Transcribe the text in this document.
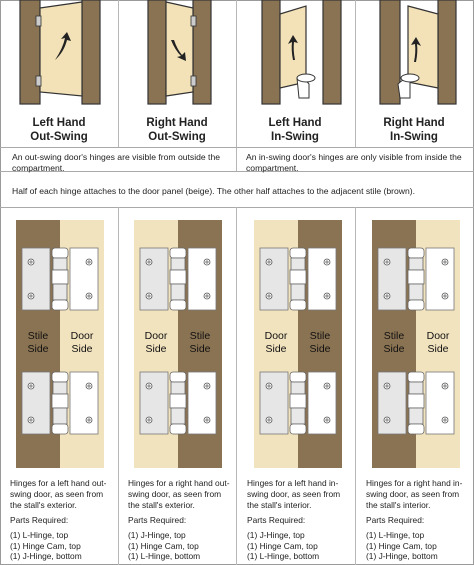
Left Hand
Out-Swing
Right Hand
Out-Swing
Left Hand
In-Swing
Right Hand
In-Swing
An out-swing door's hinges are visible from outside the compartment.
An in-swing door's hinges are only visible from inside the compartment.
Half of each hinge attaches to the door panel (beige). The other half attaches to the adjacent stile (brown).
Stile
Side
Door
Side
Door
Side
Stile
Side
Door
Side
Stile
Side
Stile
Side
Door
Side
Hinges for a left hand out-swing door, as seen from the stall's exterior.
Hinges for a right hand out-swing door, as seen from the stall's exterior.
Hinges for a left hand in-swing door, as seen from the stall's interior.
Hinges for a right hand in-swing door, as seen from the stall's interior.
Parts Required:
(1) L-Hinge, top
(1) Hinge Cam, top
(1) J-Hinge, bottom
Parts Required:
(1) J-Hinge, top
(1) Hinge Cam, top
(1) L-Hinge, bottom
Parts Required:
(1) J-Hinge, top
(1) Hinge Cam, top
(1) L-Hinge, bottom
Parts Required:
(1) L-Hinge, top
(1) Hinge Cam, top
(1) J-Hinge, bottom
